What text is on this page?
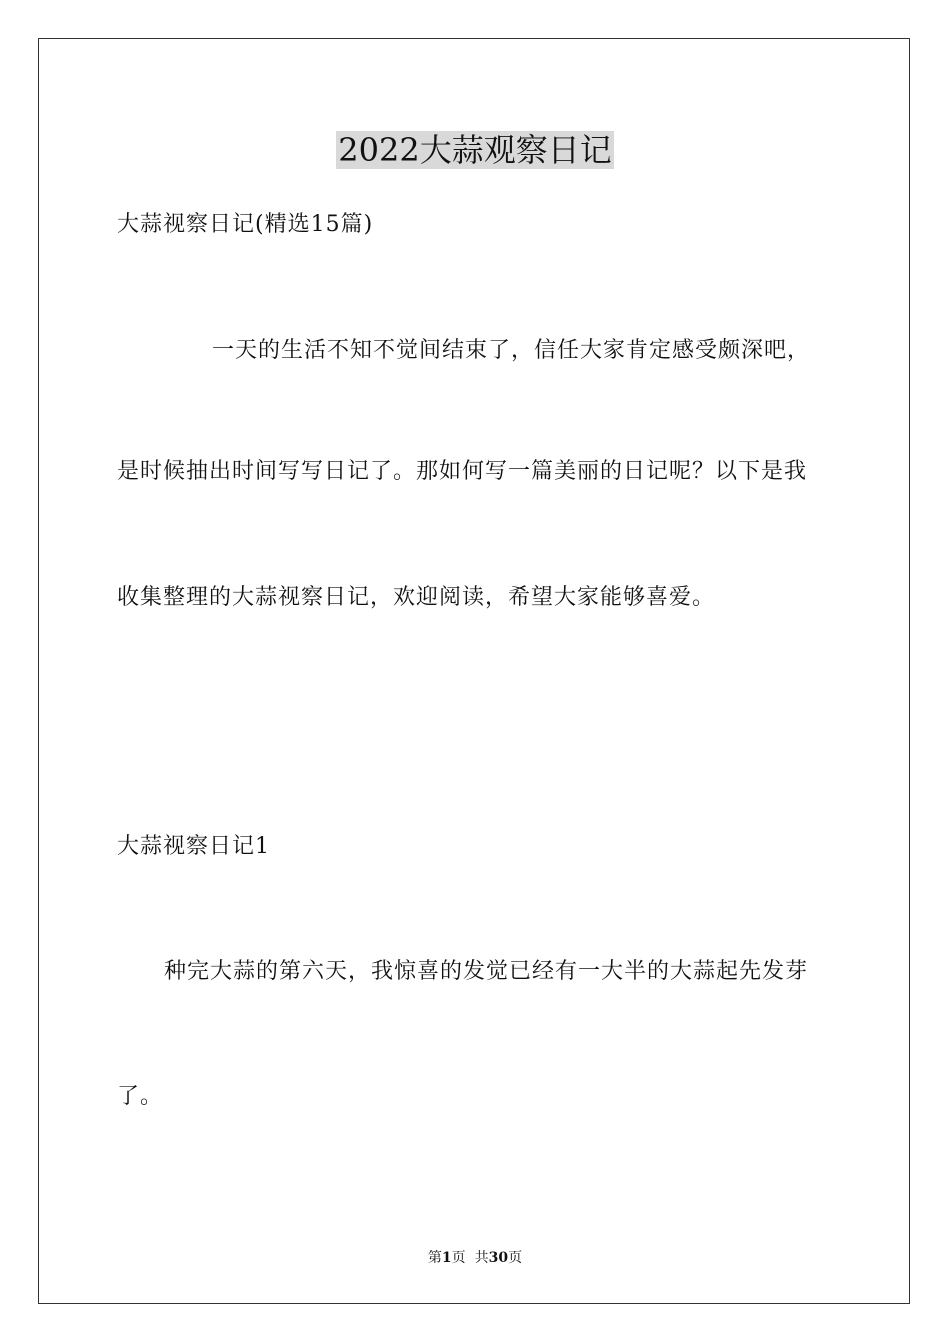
2022大蒜观察日记
大蒜视察日记(精选15篇)
一天的生活不知不觉间结束了，信任大家肯定感受颇深吧，
是时候抽出时间写写日记了。那如何写一篇美丽的日记呢？以下是我
收集整理的大蒜视察日记，欢迎阅读，希望大家能够喜爱。
大蒜视察日记1
种完大蒜的第六天，我惊喜的发觉已经有一大半的大蒜起先发芽
了。
第1页  共30页
